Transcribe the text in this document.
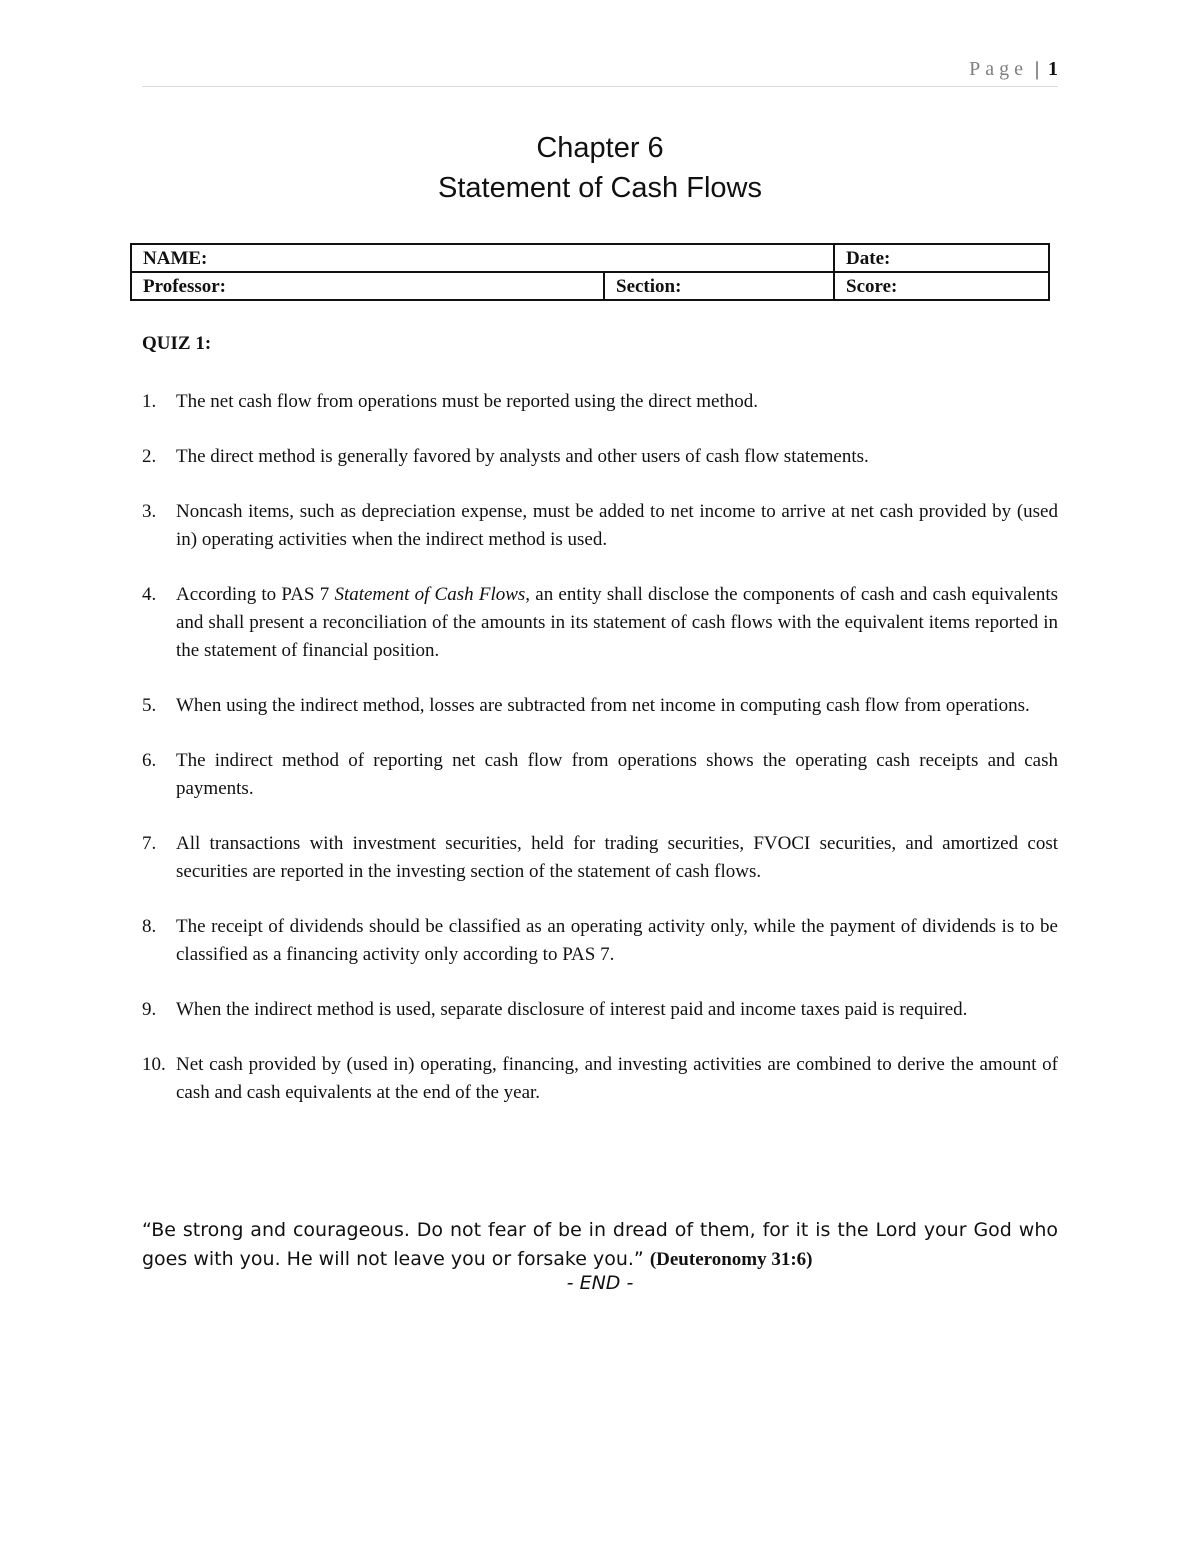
Page | 1
Chapter 6
Statement of Cash Flows
NAME:		Date:
Professor:	Section:	Score:
QUIZ 1:
1. The net cash flow from operations must be reported using the direct method.
2. The direct method is generally favored by analysts and other users of cash flow statements.
3. Noncash items, such as depreciation expense, must be added to net income to arrive at net cash provided by (used in) operating activities when the indirect method is used.
4. According to PAS 7 Statement of Cash Flows, an entity shall disclose the components of cash and cash equivalents and shall present a reconciliation of the amounts in its statement of cash flows with the equivalent items reported in the statement of financial position.
5. When using the indirect method, losses are subtracted from net income in computing cash flow from operations.
6. The indirect method of reporting net cash flow from operations shows the operating cash receipts and cash payments.
7. All transactions with investment securities, held for trading securities, FVOCI securities, and amortized cost securities are reported in the investing section of the statement of cash flows.
8. The receipt of dividends should be classified as an operating activity only, while the payment of dividends is to be classified as a financing activity only according to PAS 7.
9. When the indirect method is used, separate disclosure of interest paid and income taxes paid is required.
10. Net cash provided by (used in) operating, financing, and investing activities are combined to derive the amount of cash and cash equivalents at the end of the year.
“Be strong and courageous. Do not fear of be in dread of them, for it is the Lord your God who goes with you. He will not leave you or forsake you.” (Deuteronomy 31:6)
- END -
